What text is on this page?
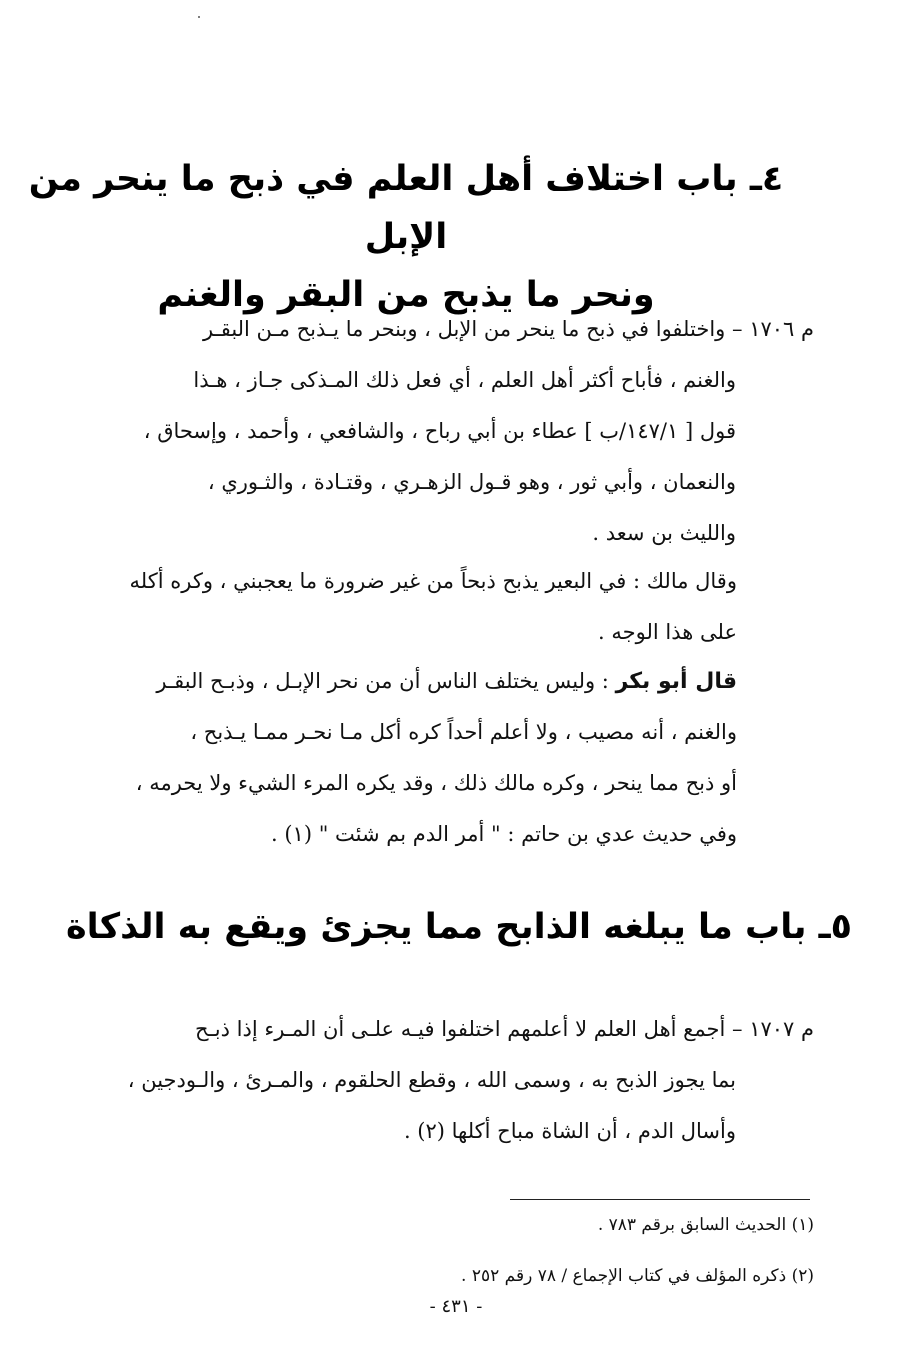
٤ـ باب اختلاف أهل العلم في ذبح ما ينحر من الإبل
ونحر ما يذبح من البقر والغنم
م ١٧٠٦ – واختلفوا في ذبح ما ينحر من الإبل ، وبنحر ما يـذبح مـن البقـر
والغنم ، فأباح أكثر أهل العلم ، أي فعل ذلك المـذكى جـاز ، هـذا
قول [ ١٤٧/١/ب ] عطاء بن أبي رباح ، والشافعي ، وأحمد ، وإسحاق ،
والنعمان ، وأبي ثور ، وهو قـول الزهـري ، وقتـادة ، والثـوري ،
والليث بن سعد .
وقال مالك : في البعير يذبح ذبحاً من غير ضرورة ما يعجبني ، وكره أكله
على هذا الوجه .
قال أبو بكر : وليس يختلف الناس أن من نحر الإبـل ، وذبـح البقـر
والغنم ، أنه مصيب ، ولا أعلم أحداً كره أكل مـا نحـر ممـا يـذبح ،
أو ذبح مما ينحر ، وكره مالك ذلك ، وقد يكره المرء الشيء ولا يحرمه ،
وفي حديث عدي بن حاتم : " أمر الدم بم شئت " (١) .
٥ـ باب ما يبلغه الذابح مما يجزئ ويقع به الذكاة
م ١٧٠٧ – أجمع أهل العلم لا أعلمهم اختلفوا فيـه علـى أن المـرء إذا ذبـح
بما يجوز الذبح به ، وسمى الله ، وقطع الحلقوم ، والمـرئ ، والـودجين ،
وأسال الدم ، أن الشاة مباح أكلها (٢) .
(١) الحديث السابق برقم ٧٨٣ .
(٢) ذكره المؤلف في كتاب الإجماع / ٧٨ رقم ٢٥٢ .
- ٤٣١ -
